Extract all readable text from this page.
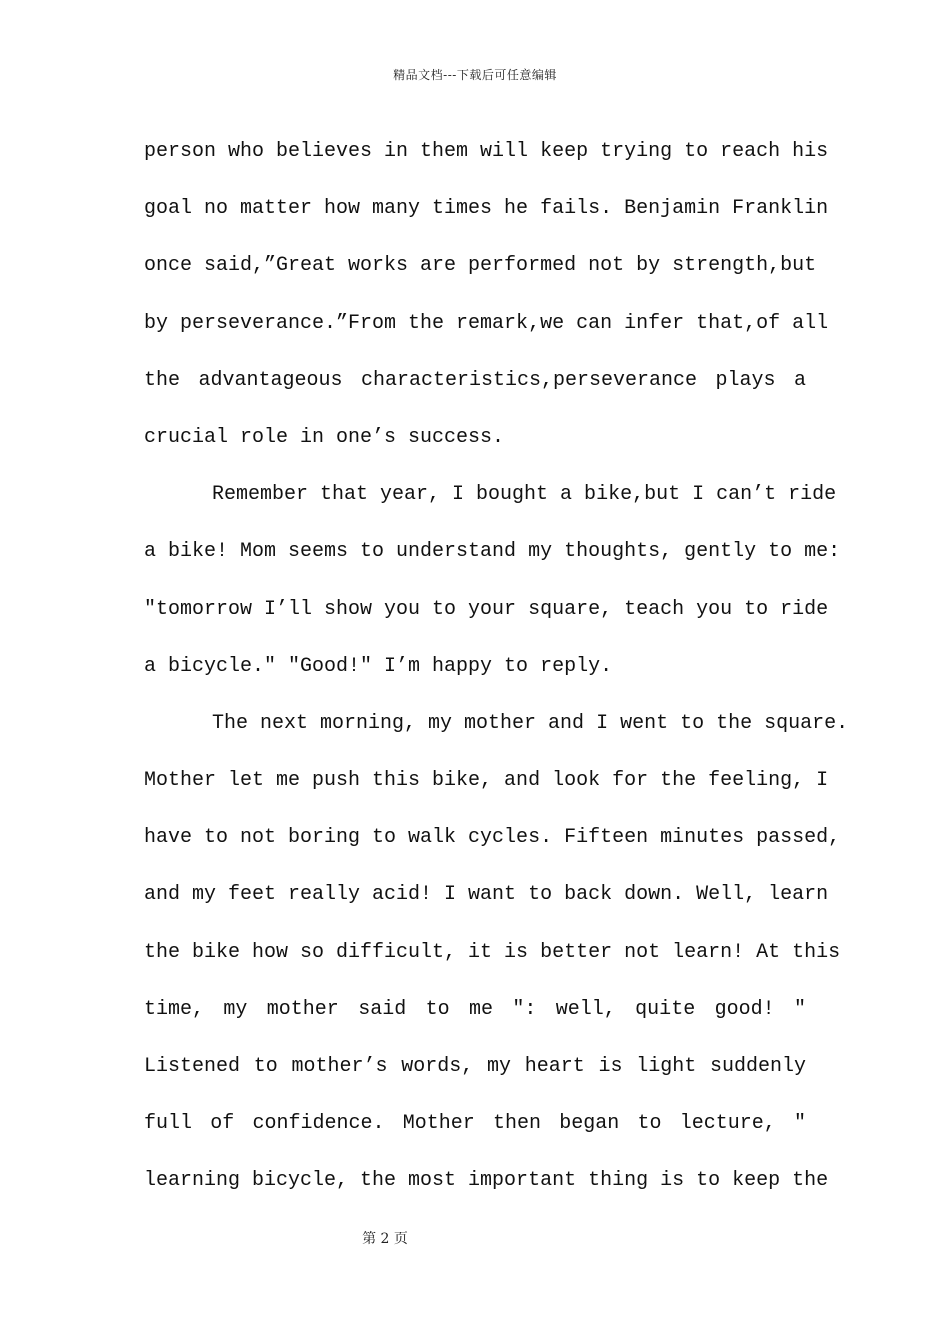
精品文档---下载后可任意编辑
person who believes in them will keep trying to reach his
goal no matter how many times he fails. Benjamin Franklin
once said,”Great works are performed not by strength,but
by perseverance.”From the remark,we can infer that,of all
the advantageous characteristics,perseverance plays a
crucial role in one’s success.
Remember that year, I bought a bike,but I can’t ride
a bike! Mom seems to understand my thoughts, gently to me:
"tomorrow I’ll show you to your square, teach you to ride
a bicycle." "Good!" I’m happy to reply.
The next morning, my mother and I went to the square.
Mother let me push this bike, and look for the feeling, I
have to not boring to walk cycles. Fifteen minutes passed,
and my feet really acid! I want to back down. Well, learn
the bike how so difficult, it is better not learn! At this
time, my mother said to me ": well, quite good! "
Listened to mother’s words, my heart is light suddenly
full of confidence. Mother then began to lecture, "
learning bicycle, the most important thing is to keep the
第 2 页
